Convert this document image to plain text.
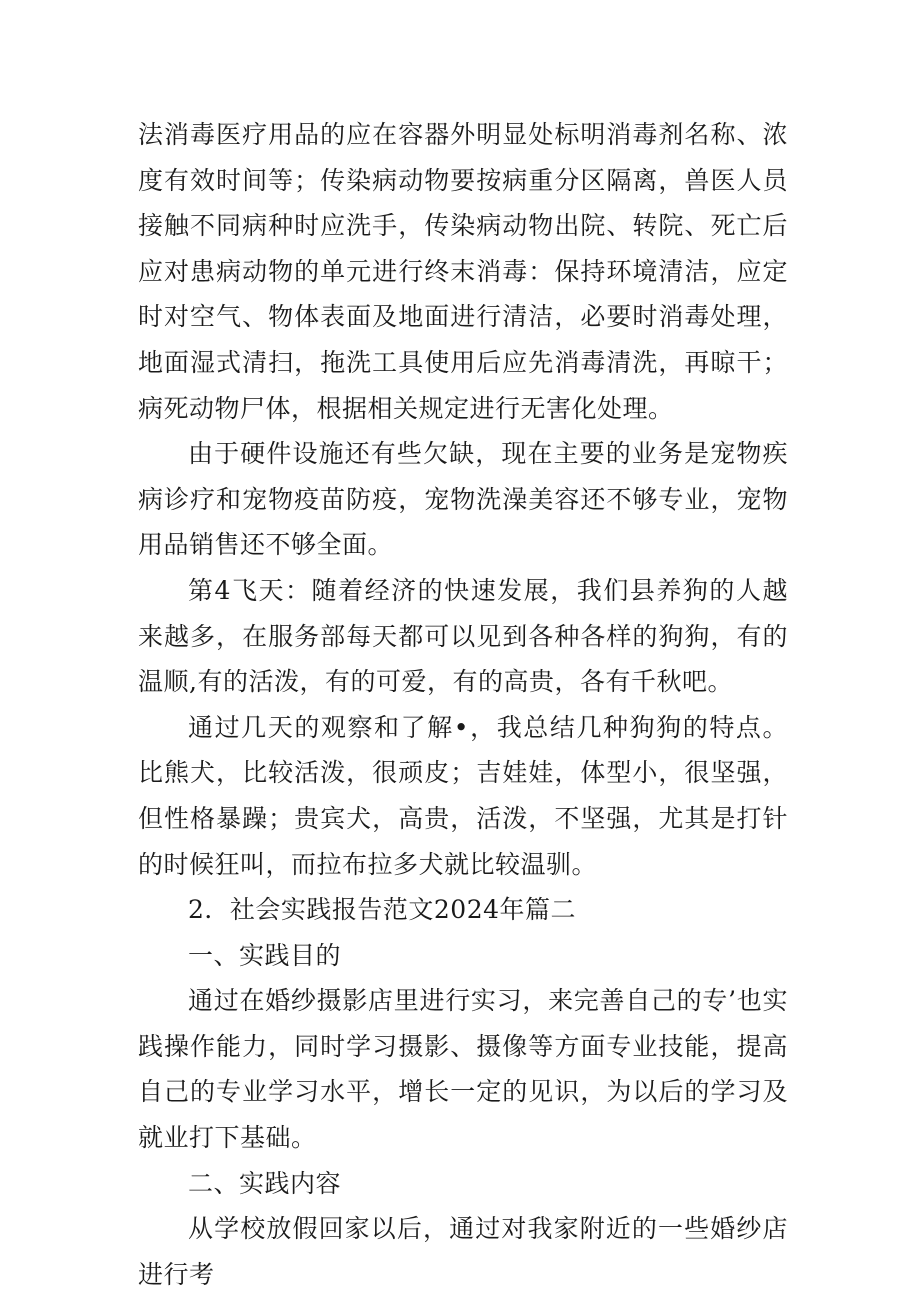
法消毒医疗用品的应在容器外明显处标明消毒剂名称、浓度有效时间等；传染病动物要按病重分区隔离，兽医人员接触不同病种时应洗手，传染病动物出院、转院、死亡后应对患病动物的单元进行终末消毒：保持环境清洁，应定时对空气、物体表面及地面进行清洁，必要时消毒处理，地面湿式清扫，拖洗工具使用后应先消毒清洗，再晾干；病死动物尸体，根据相关规定进行无害化处理。

由于硬件设施还有些欠缺，现在主要的业务是宠物疾病诊疗和宠物疫苗防疫，宠物洗澡美容还不够专业，宠物用品销售还不够全面。

第4飞天：随着经济的快速发展，我们县养狗的人越来越多，在服务部每天都可以见到各种各样的狗狗，有的温顺,有的活泼，有的可爱，有的高贵，各有千秋吧。

通过几天的观察和了解•，我总结几种狗狗的特点。比熊犬，比较活泼，很顽皮；吉娃娃，体型小，很坚强，但性格暴躁；贵宾犬，高贵，活泼，不坚强，尤其是打针的时候狂叫，而拉布拉多犬就比较温驯。

2．社会实践报告范文2024年篇二

一、实践目的

通过在婚纱摄影店里进行实习，来完善自己的专’也实践操作能力，同时学习摄影、摄像等方面专业技能，提高自己的专业学习水平，增长一定的见识，为以后的学习及就业打下基础。

二、实践内容

从学校放假回家以后，通过对我家附近的一些婚纱店进行考
